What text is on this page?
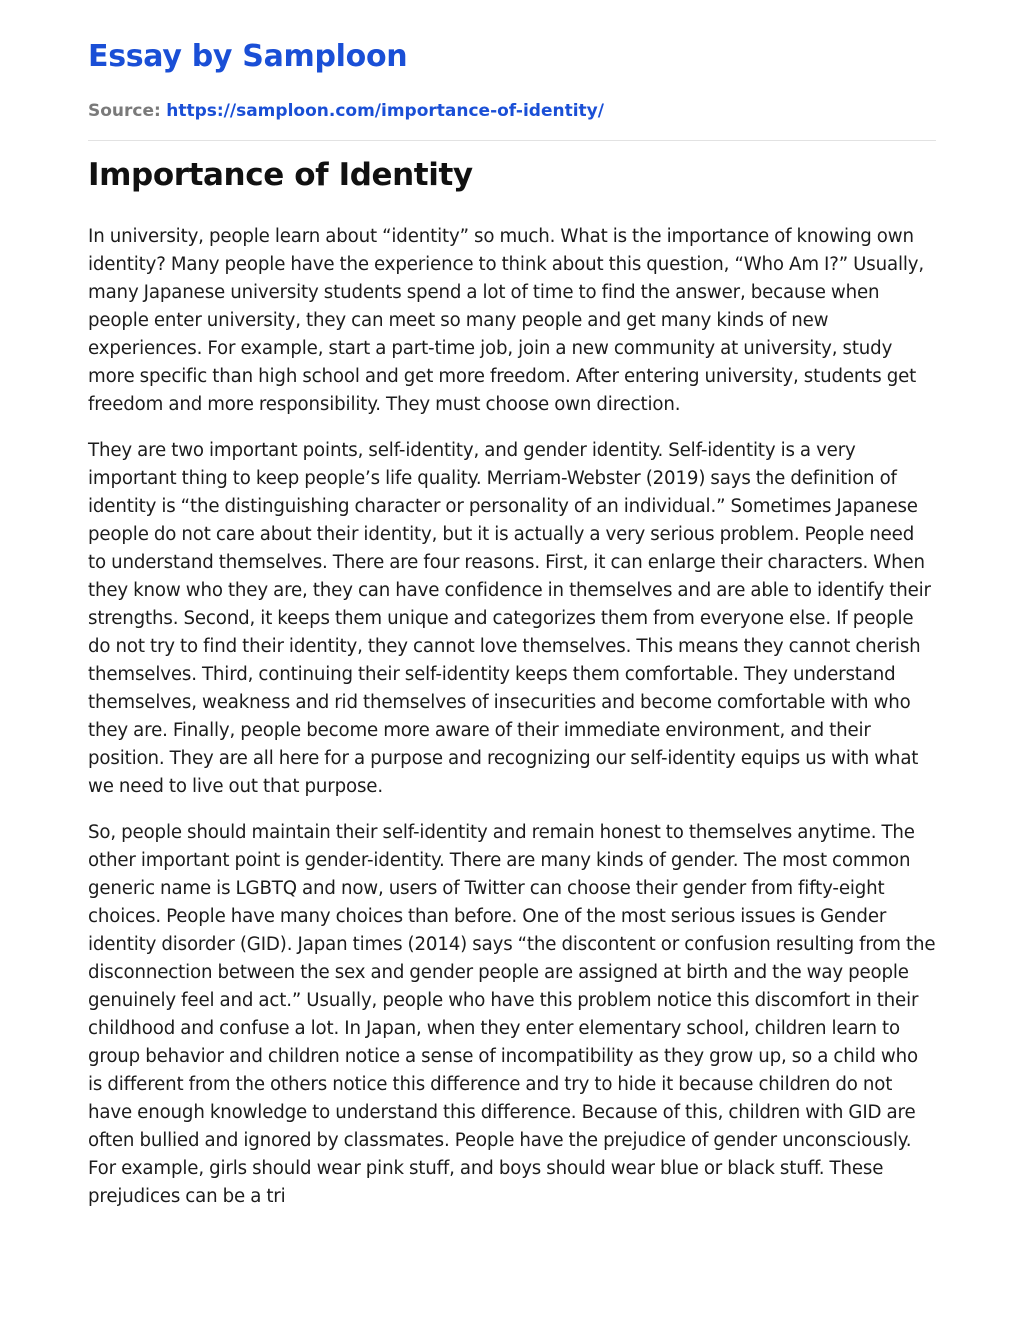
Essay by Samploon
Source: https://samploon.com/importance-of-identity/
Importance of Identity

In university, people learn about “identity” so much. What is the importance of knowing own identity? Many people have the experience to think about this question, “Who Am I?” Usually, many Japanese university students spend a lot of time to find the answer, because when people enter university, they can meet so many people and get many kinds of new experiences. For example, start a part-time job, join a new community at university, study more specific than high school and get more freedom. After entering university, students get freedom and more responsibility. They must choose own direction.

They are two important points, self-identity, and gender identity. Self-identity is a very important thing to keep people’s life quality. Merriam-Webster (2019) says the definition of identity is “the distinguishing character or personality of an individual.” Sometimes Japanese people do not care about their identity, but it is actually a very serious problem. People need to understand themselves. There are four reasons. First, it can enlarge their characters. When they know who they are, they can have confidence in themselves and are able to identify their strengths. Second, it keeps them unique and categorizes them from everyone else. If people do not try to find their identity, they cannot love themselves. This means they cannot cherish themselves. Third, continuing their self-identity keeps them comfortable. They understand themselves, weakness and rid themselves of insecurities and become comfortable with who they are. Finally, people become more aware of their immediate environment, and their position. They are all here for a purpose and recognizing our self-identity equips us with what we need to live out that purpose.

So, people should maintain their self-identity and remain honest to themselves anytime. The other important point is gender-identity. There are many kinds of gender. The most common generic name is LGBTQ and now, users of Twitter can choose their gender from fifty-eight choices. People have many choices than before. One of the most serious issues is Gender identity disorder (GID). Japan times (2014) says “the discontent or confusion resulting from the disconnection between the sex and gender people are assigned at birth and the way people genuinely feel and act.” Usually, people who have this problem notice this discomfort in their childhood and confuse a lot. In Japan, when they enter elementary school, children learn to group behavior and children notice a sense of incompatibility as they grow up, so a child who is different from the others notice this difference and try to hide it because children do not have enough knowledge to understand this difference. Because of this, children with GID are often bullied and ignored by classmates. People have the prejudice of gender unconsciously. For example, girls should wear pink stuff, and boys should wear blue or black stuff. These prejudices can be a tri
